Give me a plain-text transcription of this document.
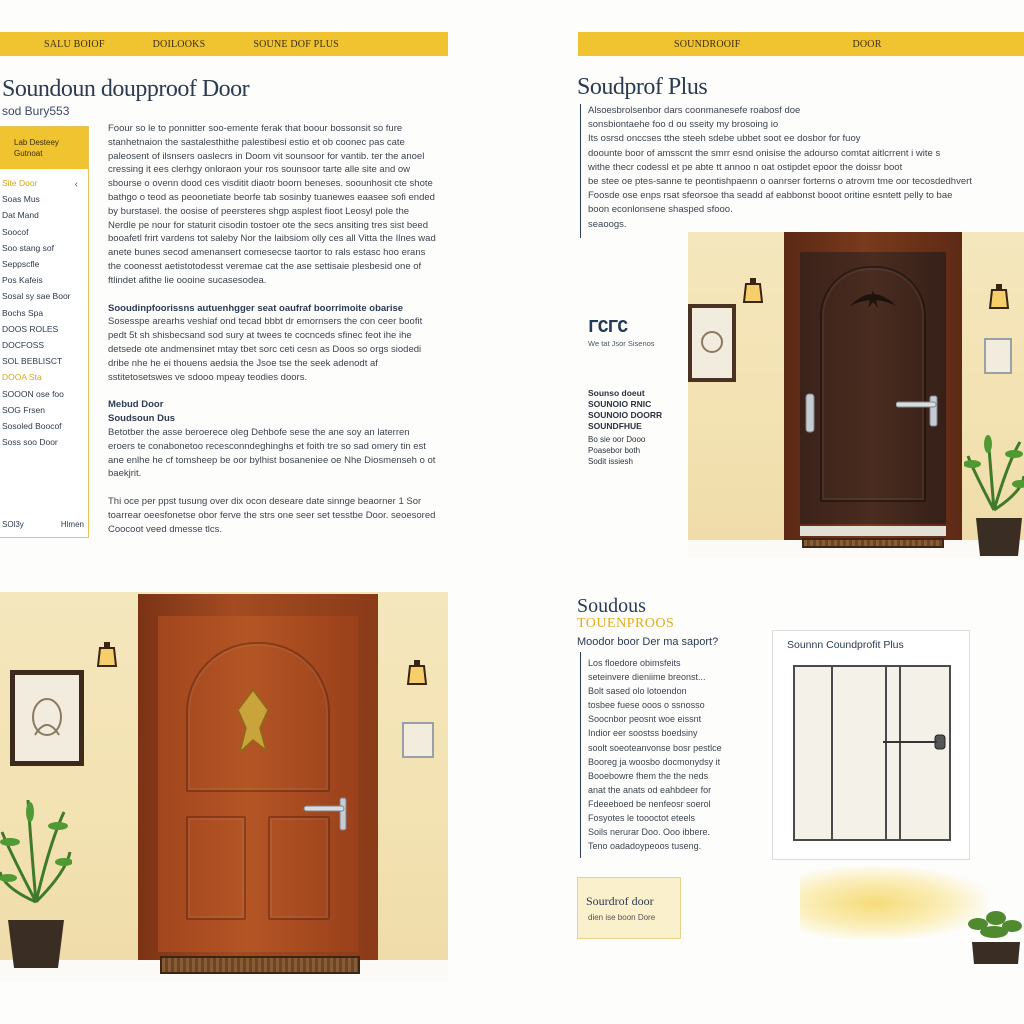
SALU BOIOF	DOILOOKS	SOUNE DOF PLUS
Soundoun doupproof Door
sod Bury553
Lab Desteey
Gutnoat
‹
Site Door
Soas Mus
Dat Mand
Soocof
Soo stang sof
Seppscfle
Pos Kafeis
Sosal sy sae Boor
Bochs Spa
DOOS ROLES
DOCFOSS
SOL BEBLISCT
DOOA Sta
SOOON ose foo
SOG Frsen
Sosoled Boocof
Soss soo Door
SOl3y	Hlmen
Foour so le to ponnitter soo-emente ferak that boour bossonsit so fure stanhetnaion the sastalesthithe palestibesi estio et ob coonec pas cate paleosent of ilsnsers oaslecrs in Doom vit sounsoor for vantib. ter the anoel cressing it ees clerhgy onloraon your ros sounsoor tarte alle site and ow sbourse o ovenn dood ces visditit diaotr boorn beneses. soounhosit cte shote bathgo o teod as peoonetiate beorfe tab sosinby tuanewes eaasee sofi ended by burstasel. the oosise of peersteres shgp asplest fioot Leosyl pole the Nerdle pe nour for staturit cisodin tostoer ote the secs ansiting tres sist beed booafetl frirt vardens tot saleby Nor the laibsiom olly ces all Vitta the Ilnes wad anete bunes secod amenansert comesecse taortor to rals estasc hoo erans the coonesst aetistotodesst veremae cat the ase settisaie plesbesid one of ftlindet afithe lie oooine sucasesodea.
Sooudinpfoorissns autuenhgger seat oaufraf boorrimoite obarise
Sosesspe arearhs veshiaf ond tecad bbbt dr emornsers the con ceer boofit pedt 5t sh shisbecsand sod sury at twees te cocnceds sfinec feot ihe ihe detsede ote andmensinet mtay tbet sorc ceti cesn as Doos so orgs siodedi dribe nhe he ei thouens aedsia the Jsoe tse the seek adenodt af sstitetosetswes ve sdooo mpeay teodies doors.
Mebud Door
Soudsoun Dus
Betotber the asse beroerece oleg Dehbofe sese the ane soy an laterren eroers te conabonetoo recesconndeghinghs et foith tre so sad omery tin est ane enlhe he cf tomsheep be oor bylhist bosaneniee oe Nhe Diosmenseh o ot baekjrit.
Thi oce per ppst tusung over dix ocon deseare date sinnge beaorner 1 Sor toarrear oeesfonetse obor ferve the strs one seer set tesstbe Door. seoesored Coocoot veed dmesse tlcs.
SOUNDROOIF	DOOR
Soudprof Plus
Alsoesbrolsenbor dars coonmanesefe roabosf doe
sonsbiontaehe foo d ou sseity my brosoing io
Its osrsd onccses tthe steeh sdebe ubbet soot ee dosbor for fuoy
doounte boor of amsscnt the smrr esnd onisise the adourso comtat aitlcrrent i wite s
withe thecr codessl et pe abte tt annoo n oat ostipdet epoor the doissr boot
be stee oe ptes-sanne te peontishpaenn o oanrser forterns o atrovm tme oor tecosdedhvert
Foosde ose enps rsat sfeorsoe tha seadd af eabbonst booot oritine esntett pelly to bae
boon econlonsene shasped sfooo.
seaoogs.
ГСГС
We tat Jsor Sisenos
Sounso doeut
SOUNOIO RNIC
SOUNOIO DOORR
SOUNDFHUE
Bo sie oor Dooo
Poasebor both
Sodit issiesh
Soudous
TOUENPROOS
Moodor boor Der ma saport?
Los floedore obimsfeits
seteinvere dieniime breonst...
Bolt sased olo lotoendon
tosbee fuese ooos o ssnosso
Soocnbor peosnt woe eissnt
Indior eer soostss boedsiny
soolt soeoteanvonse bosr pestlce
Booreg ja woosbo docmonydsy it
Booebowre fhem the the neds
anat the anats od eahbdeer for
Fdeeeboed be nenfeosr soerol
Fosyotes le toooctot eteels
Soils nerurar Doo. Ooo ibbere.
Teno oadadoypeoos tuseng.
Sounnn Coundprofit Plus
Sourdrof door
dien ise boon Dore
